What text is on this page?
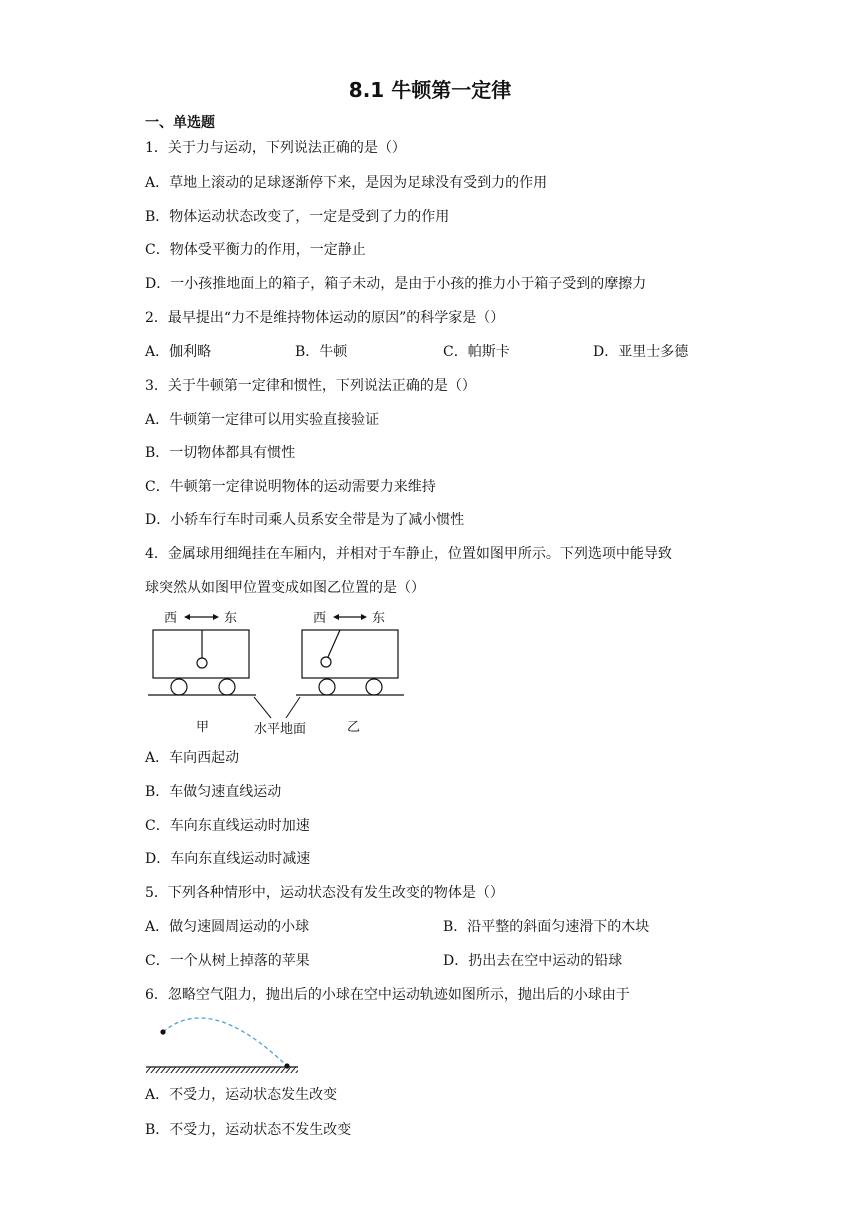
8.1 牛顿第一定律
一、单选题
1．关于力与运动，下列说法正确的是（）
A．草地上滚动的足球逐渐停下来，是因为足球没有受到力的作用
B．物体运动状态改变了，一定是受到了力的作用
C．物体受平衡力的作用，一定静止
D．一小孩推地面上的箱子，箱子未动，是由于小孩的推力小于箱子受到的摩擦力
2．最早提出“力不是维持物体运动的原因”的科学家是（）
A．伽利略	B．牛顿	C．帕斯卡	D．亚里士多德
3．关于牛顿第一定律和惯性，下列说法正确的是（）
A．牛顿第一定律可以用实验直接验证
B．一切物体都具有惯性
C．牛顿第一定律说明物体的运动需要力来维持
D．小轿车行车时司乘人员系安全带是为了减小惯性
4．金属球用细绳挂在车厢内，并相对于车静止，位置如图甲所示。下列选项中能导致
球突然从如图甲位置变成如图乙位置的是（）
西	东
甲
西	东
乙
水平地面
A．车向西起动
B．车做匀速直线运动
C．车向东直线运动时加速
D．车向东直线运动时减速
5．下列各种情形中，运动状态没有发生改变的物体是（）
A．做匀速圆周运动的小球	B．沿平整的斜面匀速滑下的木块
C．一个从树上掉落的苹果	D．扔出去在空中运动的铅球
6．忽略空气阻力，抛出后的小球在空中运动轨迹如图所示，抛出后的小球由于
A．不受力，运动状态发生改变
B．不受力，运动状态不发生改变
